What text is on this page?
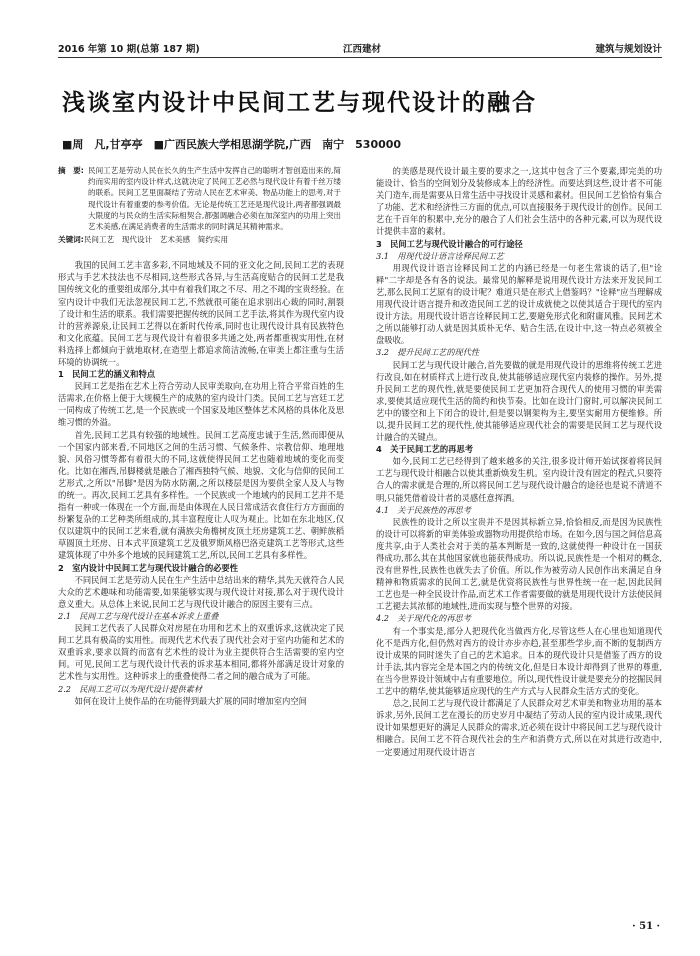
2016 年第 10 期(总第 187 期)	江西建材	建筑与规划设计
浅谈室内设计中民间工艺与现代设计的融合
■周　凡,甘亭亭　■广西民族大学相思湖学院,广西　南宁　530000
摘　要: 民间工艺是劳动人民在长久的生产生活中发挥自己的聪明才智创造出来的,简约而实用的室内设计样式,这就决定了民间工艺必然与现代设计有着千丝万缕的联系。民间工艺里面凝结了劳动人民在艺术审美、物品功能上的思考,对于现代设计有着重要的参考价值。无论是传统工艺还是现代设计,两者都强调最大限度的与民众的生活实际相契合,都强调融合必须在加深室内的功用上突出艺术美感,在满足消费者的生活需求的同时满足其精神需求。
关键词:民间工艺　现代设计　艺术美感　简约实用
我国的民间工艺丰富多彩,不同地域及不同的亚文化之间,民间工艺的表现形式与手艺术技法也不尽相同,这些形式各异,与生活高度贴合的民间工艺是我国传统文化的重要组成部分,其中有着我们取之不尽、用之不竭的宝贵经验。在室内设计中我们无法忽视民间工艺,不然就很可能在追求别出心裁的同时,割裂了设计和生活的联系。我们需要把握传统的民间工艺手法,将其作为现代室内设计的营养源泉,让民间工艺得以在新时代传承,同时也让现代设计具有民族特色和文化底蕴。民间工艺与现代设计有着很多共通之处,两者都重视实用性,在材料选择上都倾向于就地取材,在造型上都追求简洁流畅,在审美上都注重与生活环境的协调统一。
1　民间工艺的涵义和特点
民间工艺是指在艺术上符合劳动人民审美取向,在功用上符合平常百姓的生活需求,在价格上便于大规模生产的成熟的室内设计门类。民间工艺与宫廷工艺一同构成了传统工艺,是一个民族或一个国家及地区整体艺术风格的具体化及思维习惯的外溢。
首先,民间工艺具有较强的地域性。民间工艺高度忠诚于生活,然而即便从一个国家内部来看,不同地区之间的生活习惯、气候条件、宗教信仰、地理地貌、风俗习惯等都有着很大的不同,这就使得民间工艺也随着地域的变化而变化。比如在湘西,吊脚楼就是融合了湘西独特气候、地貌、文化与信仰的民间工艺形式,之所以"吊脚"是因为防水防潮,之所以楼层是因为要供全家人及人与物的统一。再次,民间工艺具有多样性。一个民族或一个地域内的民间工艺并不是指有一种或一体现在一个方面,而是由体现在人民日常成活衣食住行方方面面的纷繁复杂的工艺种类所组成的,其丰富程度让人叹为观止。比如在东北地区,仅仅以建筑中的民间工艺来看,就有满族尖角檐树皮顶土坯房建筑工艺、朝鲜族稻草圆顶土坯房、日本式平顶建筑工艺及俄罗斯风格巴洛克建筑工艺等形式,这些建筑体现了中外多个地域的民间建筑工艺,所以,民间工艺具有多样性。
2　室内设计中民间工艺与现代设计融合的必要性
不同民间工艺是劳动人民在生产生活中总结出来的精华,其先天就符合人民大众的艺术趣味和功能需要,如果能够实现与现代设计对接,那么对于现代设计意义重大。从总体上来说,民间工艺与现代设计融合的原因主要有三点。
2.1　民间工艺与现代设计在基本诉求上重叠
民间工艺代表了人民群众对房屋在功用和艺术上的双重诉求,这就决定了民间工艺具有极高的实用性。而现代艺术代表了现代社会对于室内功能和艺术的双重诉求,要求以简约而富有艺术性的设计为业主提供符合生活需要的室内空间。可见,民间工艺与现代设计代表的诉求基本相同,都将外部满足设计对象的艺术性与实用性。这种诉求上的重叠使得二者之间的融合成为了可能。
2.2　民间工艺可以为现代设计提供素材
如何在设计上使作品的在功能得到最大扩展的同时增加室内空间
的美感是现代设计最主要的要求之一,这其中包含了三个要素,即完美的功能设计、恰当的空间划分及装修成本上的经济性。而要达到这些,设计者不可能关门造车,而是需要从日常生活中寻找设计灵感和素材。但民间工艺恰恰有集合了功能、艺术和经济性三方面的优点,可以直接服务于现代设计的创作。民间工艺在千百年的积累中,充分的融合了人们社会生活中的各种元素,可以为现代设计提供丰富的素材。
3　民间工艺与现代设计融合的可行途径
3.1　用现代设计语言诠释民间工艺
用现代设计语言诠释民间工艺的内涵已经是一句老生常谈的话了,但"诠释"二字却是各有各的说法。最常见的解释是说用现代设计方法来开发民间工艺,那么民间工艺原有的设计呢？难道只是在形式上借鉴吗？"诠释"应当理解成用现代设计语言提升和改造民间工艺的设计成就使之以使其适合于现代的室内设计方法。用现代设计语言诠释民间工艺,要避免形式化和附庸风雅。民间艺术之所以能够打动人就是因其质朴无华、贴合生活,在设计中,这一特点必须被全盘吸收。
3.2　提升民间工艺的现代性
民间工艺与现代设计融合,首先要做的就是用现代设计的思维将传统工艺进行改良,如在材质样式上进行改良,使其能够适应现代室内装修的操作。另外,提升民间工艺的现代性,就是要使民间工艺更加符合现代人的使用习惯的审美需求,要使其适应现代生活的简约和快节奏。比如在设计门窗时,可以解决民间工艺中的镂空和上下闭合的设计,但是要以钢架构为主,要坚实耐用方便维修。所以,提升民间工艺的现代性,使其能够适应现代社会的需要是民间工艺与现代设计融合的关键点。
4　关于民间工艺的再思考
如今,民间工艺已经得到了越来越多的关注,很多设计师开始试探着将民间工艺与现代设计相融合以使其重新焕发生机。室内设计没有固定的程式,只要符合人的需求就是合理的,所以将民间工艺与现代设计融合的途径也是说不清道不明,只能凭借着设计者的灵感任意挥洒。
4.1　关于民族性的再思考
民族性的设计之所以宝贵并不是因其标新立异,恰恰相反,而是因为民族性的设计可以将新的审美体验或器物功用提供给市场。在如今,因与国之间信息高度共享,由于人类社会对于美的基本判断是一致的,这就使得一种设计在一国获得成功,那么其在其他国家就也能获得成功。所以说,民族性是一个相对的概念,没有世界性,民族性也就失去了价值。所以,作为被劳动人民创作出来满足自身精神和物质需求的民间工艺,就是优资将民族性与世界性统一在一起,因此民间工艺也是一种全民设计作品,而艺术工作者需要做的就是用现代设计方法使民间工艺褪去其浓郁的地域性,进而实现与整个世界的对接。
4.2　关于现代化的再思考
有一个事实是,部分人把现代化当做西方化,尽管这些人在心里也知道现代化不是西方化,但仍然对西方的设计亦步亦趋,甚至那些学步,而不断的复制西方设计成果的同时迷失了自己的艺术追求。日本的现代设计只是借鉴了西方的设计手法,其内容完全是本国之内的传统文化,但是日本设计却得到了世界的尊重,在当今世界设计领域中占有重要地位。所以,现代性设计就是要充分的挖掘民间工艺中的精华,使其能够适应现代的生产方式与人民群众生活方式的变化。
总之,民间工艺与现代设计都满足了人民群众对艺术审美和物业功用的基本诉求,另外,民间工艺在漫长的历史岁月中凝结了劳动人民的室内设计成果,现代设计如果想更好的满足人民群众的需求,近必须在设计中将民间工艺与现代设计相融合。民间工艺不符合现代社会的生产和消费方式,所以在对其进行改造中,一定要通过用现代设计语言
· 51 ·
